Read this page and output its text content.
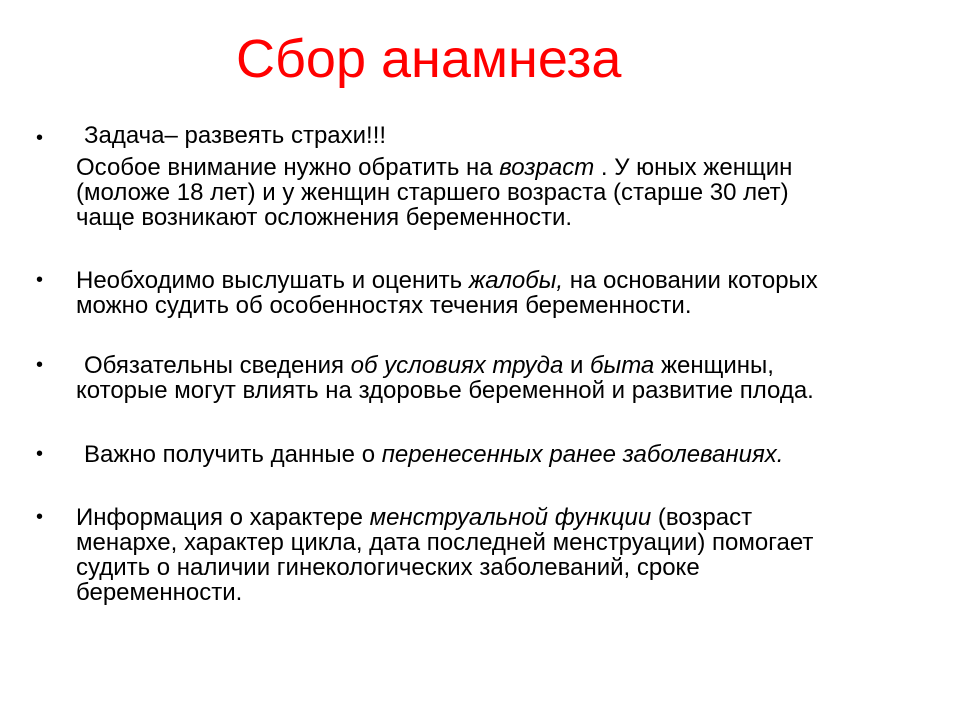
Сбор анамнеза
•	Задача– развеять страхи!!!
Особое внимание нужно обратить на возраст . У юных женщин
(моложе 18 лет) и у женщин старшего возраста (старше 30 лет)
чаще возникают осложнения беременности.
•	Необходимо выслушать и оценить жалобы, на основании которых
можно судить об особенностях течения беременности.
•	Обязательны сведения об условиях труда и быта женщины,
которые могут влиять на здоровье беременной и развитие плода.
•	Важно получить данные о перенесенных ранее заболеваниях.
•	Информация о характере менструальной функции (возраст
менархе, характер цикла, дата последней менструации) помогает
судить о наличии гинекологических заболеваний, сроке
беременности.
